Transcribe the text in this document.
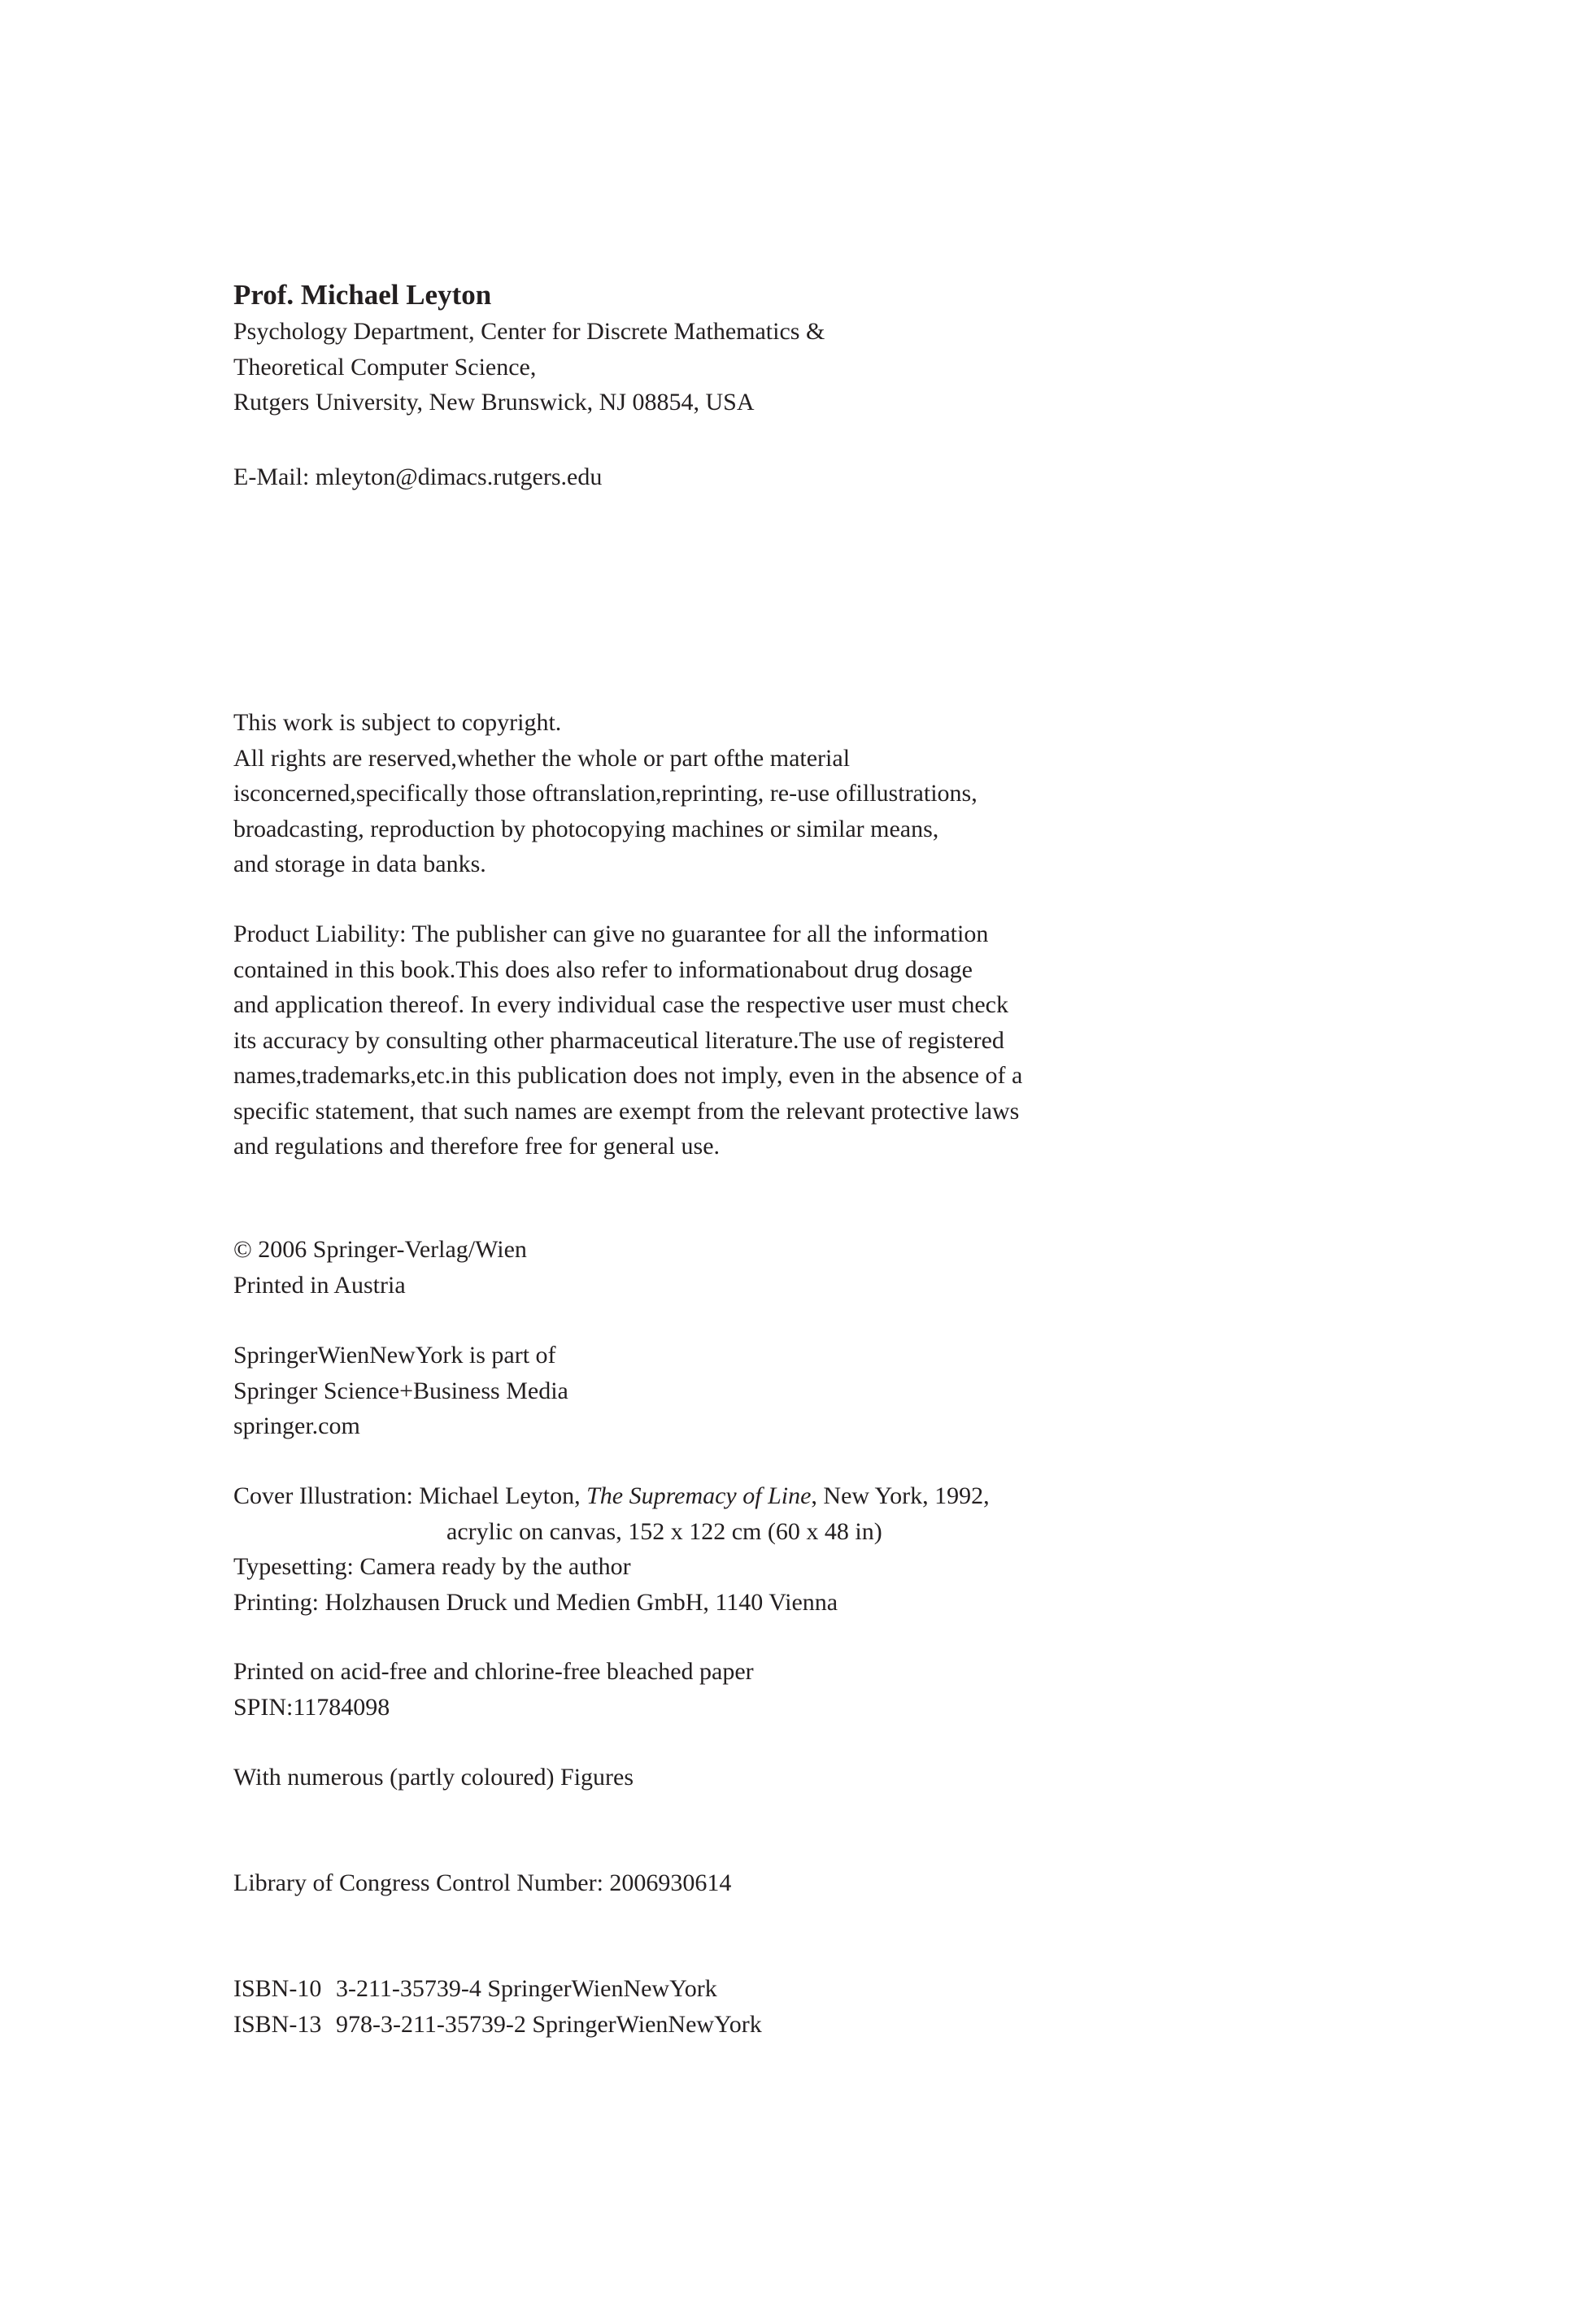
Prof. Michael Leyton
Psychology Department, Center for Discrete Mathematics &
Theoretical Computer Science,
Rutgers University, New Brunswick, NJ 08854, USA
E-Mail: mleyton@dimacs.rutgers.edu
This work is subject to copyright.
All rights are reserved,whether the whole or part ofthe material
isconcerned,specifically those oftranslation,reprinting, re-use ofillustrations,
broadcasting, reproduction by photocopying machines or similar means,
and storage in data banks.
Product Liability: The publisher can give no guarantee for all the information
contained in this book.This does also refer to informationabout drug dosage
and application thereof. In every individual case the respective user must check
its accuracy by consulting other pharmaceutical literature.The use of registered
names,trademarks,etc.in this publication does not imply, even in the absence of a
specific statement, that such names are exempt from the relevant protective laws
and regulations and therefore free for general use.
© 2006 Springer-Verlag/Wien
Printed in Austria
SpringerWienNewYork is part of
Springer Science+Business Media
springer.com
Cover Illustration: Michael Leyton, The Supremacy of Line, New York, 1992,
acrylic on canvas, 152 x 122 cm (60 x 48 in)
Typesetting: Camera ready by the author
Printing: Holzhausen Druck und Medien GmbH, 1140 Vienna
Printed on acid-free and chlorine-free bleached paper
SPIN:11784098
With numerous (partly coloured) Figures
Library of Congress Control Number: 2006930614
ISBN-10 3-211-35739-4 SpringerWienNewYork
ISBN-13 978-3-211-35739-2 SpringerWienNewYork
